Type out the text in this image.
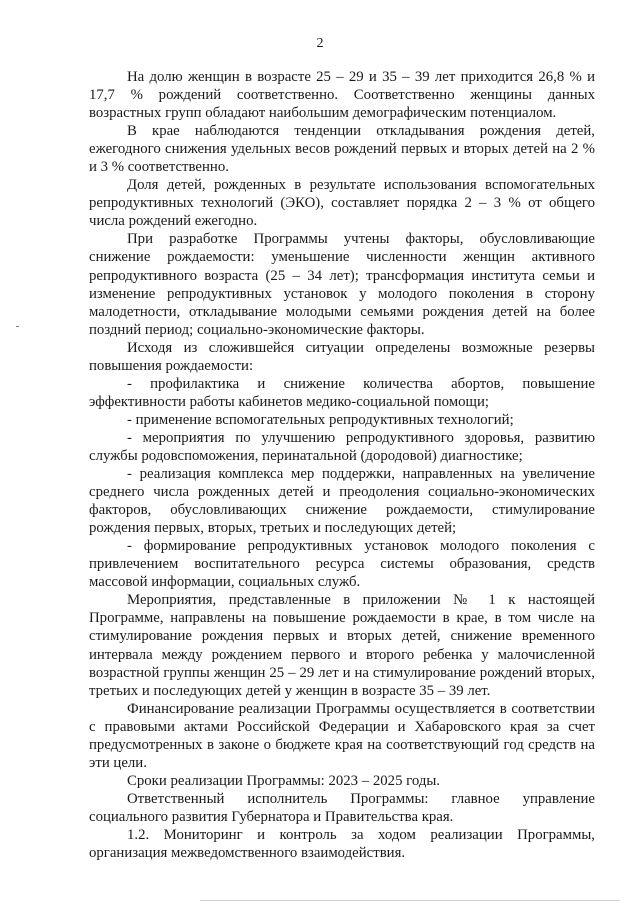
2

На долю женщин в возрасте 25 – 29 и 35 – 39 лет приходится 26,8 % и 17,7 % рождений соответственно. Соответственно женщины данных возрастных групп обладают наибольшим демографическим потенциалом.

В крае наблюдаются тенденции откладывания рождения детей, ежегодного снижения удельных весов рождений первых и вторых детей на 2 % и 3 % соответственно.

Доля детей, рожденных в результате использования вспомогательных репродуктивных технологий (ЭКО), составляет порядка 2 – 3 % от общего числа рождений ежегодно.

При разработке Программы учтены факторы, обусловливающие снижение рождаемости: уменьшение численности женщин активного репродуктивного возраста (25 – 34 лет); трансформация института семьи и изменение репродуктивных установок у молодого поколения в сторону малодетности, откладывание молодыми семьями рождения детей на более поздний период; социально-экономические факторы.

Исходя из сложившейся ситуации определены возможные резервы повышения рождаемости:

- профилактика и снижение количества абортов, повышение эффективности работы кабинетов медико-социальной помощи;

- применение вспомогательных репродуктивных технологий;

- мероприятия по улучшению репродуктивного здоровья, развитию службы родовспоможения, перинатальной (дородовой) диагностике;

- реализация комплекса мер поддержки, направленных на увеличение среднего числа рожденных детей и преодоления социально-экономических факторов, обусловливающих снижение рождаемости, стимулирование рождения первых, вторых, третьих и последующих детей;

- формирование репродуктивных установок молодого поколения с привлечением воспитательного ресурса системы образования, средств массовой информации, социальных служб.

Мероприятия, представленные в приложении № 1 к настоящей Программе, направлены на повышение рождаемости в крае, в том числе на стимулирование рождения первых и вторых детей, снижение временного интервала между рождением первого и второго ребенка у малочисленной возрастной группы женщин 25 – 29 лет и на стимулирование рождений вторых, третьих и последующих детей у женщин в возрасте 35 – 39 лет.

Финансирование реализации Программы осуществляется в соответствии с правовыми актами Российской Федерации и Хабаровского края за счет предусмотренных в законе о бюджете края на соответствующий год средств на эти цели.

Сроки реализации Программы: 2023 – 2025 годы.

Ответственный исполнитель Программы: главное управление социального развития Губернатора и Правительства края.

1.2. Мониторинг и контроль за ходом реализации Программы, организация межведомственного взаимодействия.
